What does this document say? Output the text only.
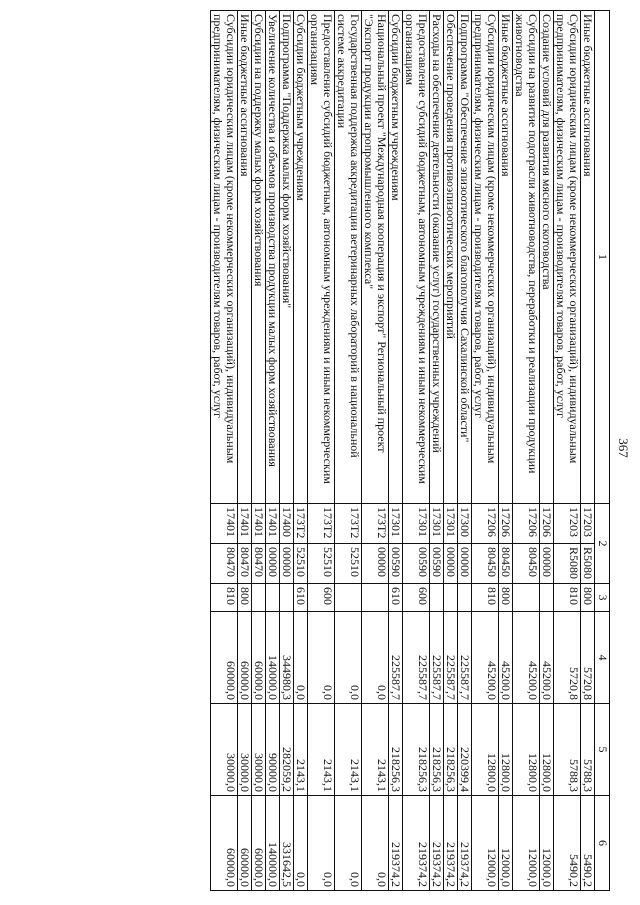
367
1	2		3	4	5	6
Иные бюджетные ассигнования	17203	R5080	800	5720,8	5788,3	5490,2
Субсидии юридическим лицам (кроме некоммерческих организаций), индивидуальным предпринимателям, физическим лицам - производителям товаров, работ, услуг	17203	R5080	810	5720,8	5788,3	5490,2
Создание условий для развития мясного скотоводства	17206	00000		45200,0	12800,0	12000,0
Субсидии на развитие подотрасли животноводства, переработки и реализации продукции животноводства	17206	80450		45200,0	12800,0	12000,0
Иные бюджетные ассигнования	17206	80450	800	45200,0	12800,0	12000,0
Субсидии юридическим лицам (кроме некоммерческих организаций), индивидуальным предпринимателям, физическим лицам - производителям товаров, работ, услуг	17206	80450	810	45200,0	12800,0	12000,0
Подпрограмма "Обеспечение эпизоотического благополучия Сахалинской области"	17300	00000		225587,7	220399,4	219374,2
Обеспечение проведения противоэпизоотических мероприятий	17301	00000		225587,7	218256,3	219374,2
Расходы на обеспечение деятельности (оказание услуг) государственных учреждений	17301	00590		225587,7	218256,3	219374,2
Предоставление субсидий бюджетным, автономным учреждениям и иным некоммерческим организациям	17301	00590	600	225587,7	218256,3	219374,2
Субсидии бюджетным учреждениям	17301	00590	610	225587,7	218256,3	219374,2
Национальный проект "Международная кооперация и экспорт" Региональный проект "Экспорт продукции агропромышленного комплекса"	173T2	00000		0,0	2143,1	0,0
Государственная поддержка аккредитации ветеринарных лабораторий в национальной системе аккредитации	173T2	52510		0,0	2143,1	0,0
Предоставление субсидий бюджетным, автономным учреждениям и иным некоммерческим организациям	173T2	52510	600	0,0	2143,1	0,0
Субсидии бюджетным учреждениям	173T2	52510	610	0,0	2143,1	0,0
Подпрограмма "Поддержка малых форм хозяйствования"	17400	00000		344980,3	282059,2	331642,5
Увеличение количества и объемов производства продукции малых форм хозяйствования	17401	00000		140000,0	90000,0	140000,0
Субсидии на поддержку малых форм хозяйствования	17401	80470		60000,0	30000,0	60000,0
Иные бюджетные ассигнования	17401	80470	800	60000,0	30000,0	60000,0
Субсидии юридическим лицам (кроме некоммерческих организаций), индивидуальным предпринимателям, физическим лицам - производителям товаров, работ, услуг	17401	80470	810	60000,0	30000,0	60000,0
